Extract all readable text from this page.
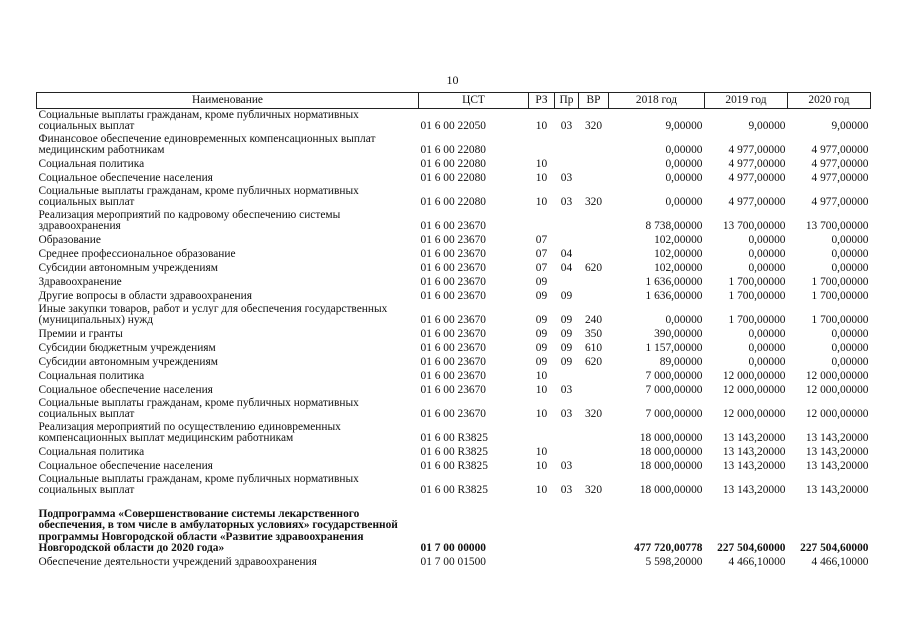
10
Наименование	ЦСТ	РЗ	Пр	ВР	2018 год	2019 год	2020 год
Социальные выплаты гражданам, кроме публичных нормативных социальных выплат	01 6 00 22050	10	03	320	9,00000	9,00000	9,00000
Финансовое обеспечение единовременных компенсационных выплат медицинским работникам	01 6 00 22080				0,00000	4 977,00000	4 977,00000
Социальная политика	01 6 00 22080	10			0,00000	4 977,00000	4 977,00000
Социальное обеспечение населения	01 6 00 22080	10	03		0,00000	4 977,00000	4 977,00000
Социальные выплаты гражданам, кроме публичных нормативных социальных выплат	01 6 00 22080	10	03	320	0,00000	4 977,00000	4 977,00000
Реализация мероприятий по кадровому обеспечению системы здравоохранения	01 6 00 23670				8 738,00000	13 700,00000	13 700,00000
Образование	01 6 00 23670	07			102,00000	0,00000	0,00000
Среднее профессиональное образование	01 6 00 23670	07	04		102,00000	0,00000	0,00000
Субсидии автономным учреждениям	01 6 00 23670	07	04	620	102,00000	0,00000	0,00000
Здравоохранение	01 6 00 23670	09			1 636,00000	1 700,00000	1 700,00000
Другие вопросы в области здравоохранения	01 6 00 23670	09	09		1 636,00000	1 700,00000	1 700,00000
Иные закупки товаров, работ и услуг для обеспечения государственных (муниципальных) нужд	01 6 00 23670	09	09	240	0,00000	1 700,00000	1 700,00000
Премии и гранты	01 6 00 23670	09	09	350	390,00000	0,00000	0,00000
Субсидии бюджетным учреждениям	01 6 00 23670	09	09	610	1 157,00000	0,00000	0,00000
Субсидии автономным учреждениям	01 6 00 23670	09	09	620	89,00000	0,00000	0,00000
Социальная политика	01 6 00 23670	10			7 000,00000	12 000,00000	12 000,00000
Социальное обеспечение населения	01 6 00 23670	10	03		7 000,00000	12 000,00000	12 000,00000
Социальные выплаты гражданам, кроме публичных нормативных социальных выплат	01 6 00 23670	10	03	320	7 000,00000	12 000,00000	12 000,00000
Реализация мероприятий по осуществлению единовременных компенсационных выплат медицинским работникам	01 6 00 R3825				18 000,00000	13 143,20000	13 143,20000
Социальная политика	01 6 00 R3825	10			18 000,00000	13 143,20000	13 143,20000
Социальное обеспечение населения	01 6 00 R3825	10	03		18 000,00000	13 143,20000	13 143,20000
Социальные выплаты гражданам, кроме публичных нормативных социальных выплат	01 6 00 R3825	10	03	320	18 000,00000	13 143,20000	13 143,20000
Подпрограмма «Совершенствование системы лекарственного обеспечения, в том числе в амбулаторных условиях» государственной программы Новгородской области «Развитие здравоохранения Новгородской области до 2020 года»	01 7 00 00000				477 720,00778	227 504,60000	227 504,60000
Обеспечение деятельности учреждений здравоохранения	01 7 00 01500				5 598,20000	4 466,10000	4 466,10000
